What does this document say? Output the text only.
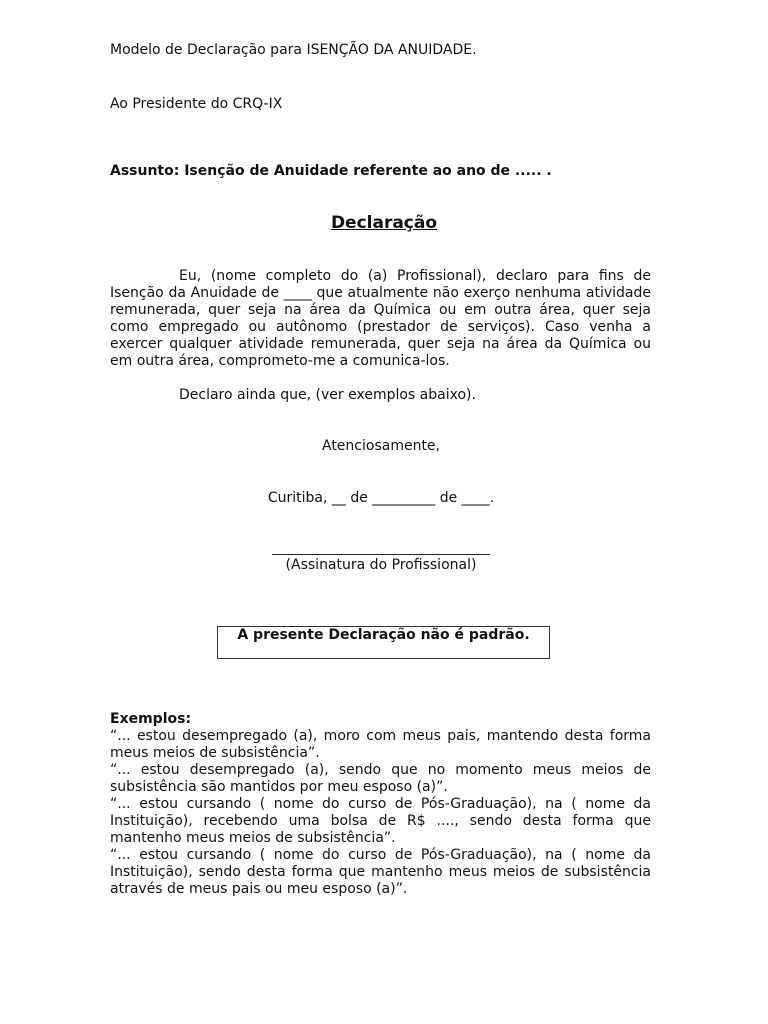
Modelo de Declaração para ISENÇÃO DA ANUIDADE.
Ao Presidente do CRQ-IX
Assunto: Isenção de Anuidade referente ao ano de ..... .
Declaração
Eu, (nome completo do (a) Profissional), declaro para fins de Isenção da Anuidade de ____ que atualmente não exerço nenhuma atividade remunerada, quer seja na área da Química ou em outra área, quer seja como empregado ou autônomo (prestador de serviços). Caso venha a exercer qualquer atividade remunerada, quer seja na área da Química ou em outra área, comprometo-me a comunica-los.
Declaro ainda que, (ver exemplos abaixo).
Atenciosamente,
Curitiba, __ de _________ de ____.
(Assinatura do Profissional)
A presente Declaração não é padrão.
Exemplos:

“... estou desempregado (a), moro com meus pais, mantendo desta forma meus meios de subsistência”.

“... estou desempregado (a), sendo que no momento meus meios de subsistência são mantidos por meu esposo (a)”.

“... estou cursando ( nome do curso de Pós-Graduação), na ( nome da Instituição), recebendo uma bolsa de R$ ...., sendo desta forma que mantenho meus meios de subsistência”.

“... estou cursando ( nome do curso de Pós-Graduação), na ( nome da Instituição), sendo desta forma que mantenho meus meios de subsistência através de meus pais ou meu esposo (a)”.
